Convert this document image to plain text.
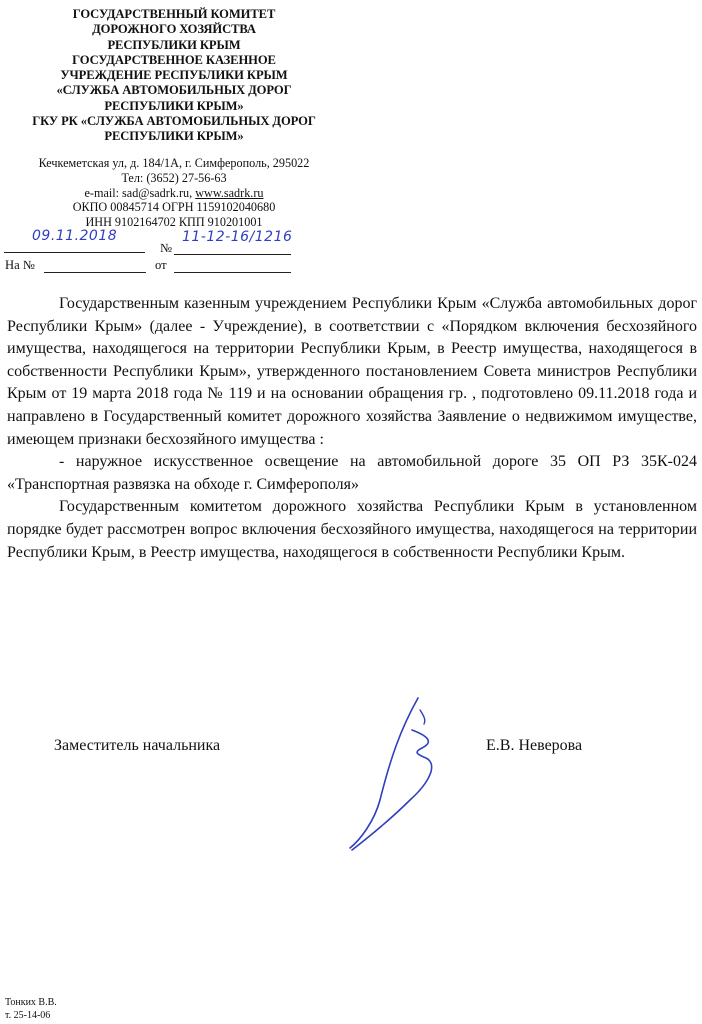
ГОСУДАРСТВЕННЫЙ КОМИТЕТ
ДОРОЖНОГО ХОЗЯЙСТВА
РЕСПУБЛИКИ КРЫМ
ГОСУДАРСТВЕННОЕ КАЗЕННОЕ
УЧРЕЖДЕНИЕ РЕСПУБЛИКИ КРЫМ
«СЛУЖБА АВТОМОБИЛЬНЫХ ДОРОГ
РЕСПУБЛИКИ КРЫМ»
ГКУ РК «СЛУЖБА АВТОМОБИЛЬНЫХ ДОРОГ
РЕСПУБЛИКИ КРЫМ»
Кечкеметская ул, д. 184/1А, г. Симферополь, 295022
Тел: (3652) 27-56-63
e-mail: sad@sadrk.ru, www.sadrk.ru
ОКПО 00845714 ОГРН 1159102040680
ИНН 9102164702 КПП 910201001
09.11.2018
№
11-12-16/1216
На №	от

Государственным казенным учреждением Республики Крым «Служба автомобильных дорог Республики Крым» (далее - Учреждение), в соответствии с «Порядком включения бесхозяйного имущества, находящегося на территории Республики Крым, в Реестр имущества, находящегося в собственности Республики Крым», утвержденного постановлением Совета министров Республики Крым от 19 марта 2018 года № 119 и на основании обращения гр. , подготовлено 09.11.2018 года и направлено в Государственный комитет дорожного хозяйства Заявление о недвижимом имуществе, имеющем признаки бесхозяйного имущества :

- наружное искусственное освещение на автомобильной дороге 35 ОП РЗ 35К-024 «Транспортная развязка на обходе г. Симферополя»

Государственным комитетом дорожного хозяйства Республики Крым в установленном порядке будет рассмотрен вопрос включения бесхозяйного имущества, находящегося на территории Республики Крым, в Реестр имущества, находящегося в собственности Республики Крым.

Заместитель начальника	Е.В. Неверова
Тонких В.В.
т. 25-14-06
